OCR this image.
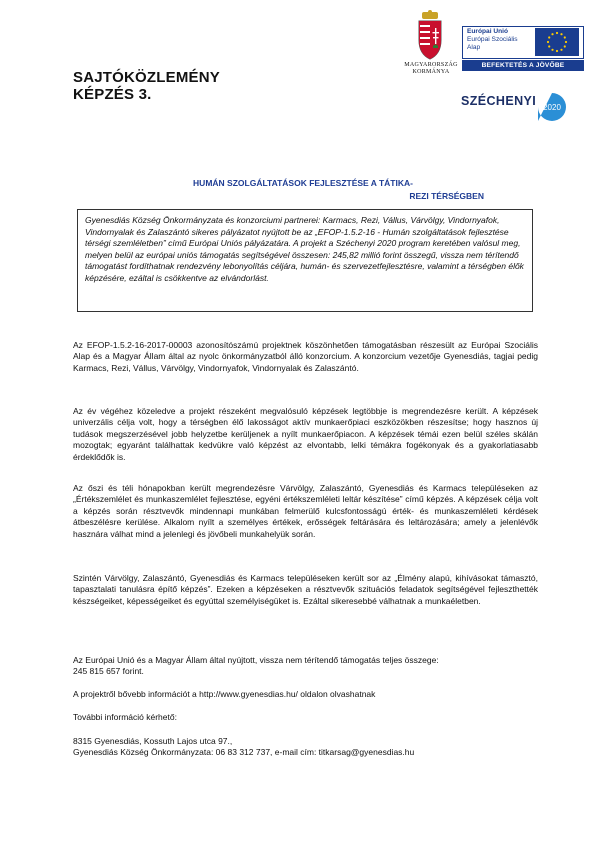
SAJTÓKÖZLEMÉNY
KÉPZÉS 3.
MAGYARORSZÁG
KORMÁNYA
Európai Unió
Európai Szociális
Alap
BEFEKTETÉS A JÖVŐBE
SZÉCHENYI 2020
HUMÁN SZOLGÁLTATÁSOK FEJLESZTÉSE A TÁTIKA-
REZI TÉRSÉGBEN
Gyenesdiás Község Önkormányzata és konzorciumi partnerei: Karmacs, Rezi, Vállus, Várvölgy, Vindornyafok, Vindornyalak és Zalaszántó sikeres pályázatot nyújtott be az „EFOP-1.5.2-16 - Humán szolgáltatások fejlesztése térségi szemléletben” című Európai Uniós pályázatára. A projekt a Széchenyi 2020 program keretében valósul meg, melyen belül az európai uniós támogatás segítségével összesen: 245,82 millió forint összegű, vissza nem térítendő támogatást fordíthatnak rendezvény lebonyolítás céljára, humán- és szervezetfejlesztésre, valamint a térségben élők képzésére, ezáltal is csökkentve az elvándorlást.

Az EFOP-1.5.2-16-2017-00003 azonosítószámú projektnek köszönhetően támogatásban részesült az Európai Szociális Alap és a Magyar Állam által az nyolc önkormányzatból álló konzorcium. A konzorcium vezetője Gyenesdiás, tagjai pedig Karmacs, Rezi, Vállus, Várvölgy, Vindornyafok, Vindornyalak és Zalaszántó.

Az év végéhez közeledve a projekt részeként megvalósuló képzések legtöbbje is megrendezésre került. A képzések univerzális célja volt, hogy a térségben élő lakosságot aktív munkaerőpiaci eszközökben részesítse; hogy hasznos új tudások megszerzésével jobb helyzetbe kerüljenek a nyílt munkaerőpiacon. A képzések témái ezen belül széles skálán mozogtak; egyaránt találhattak kedvükre való képzést az elvontabb, lelki témákra fogékonyak és a gyakorlatiasabb érdeklődők is.

Az őszi és téli hónapokban került megrendezésre Várvölgy, Zalaszántó, Gyenesdiás és Karmacs településeken az „Értékszemlélet és munkaszemlélet fejlesztése, egyéni értékszemléleti leltár készítése” című képzés. A képzések célja volt a képzés során résztvevők mindennapi munkában felmerülő kulcsfontosságú érték- és munkaszemléleti kérdések átbeszélésre kerülése. Alkalom nyílt a személyes értékek, erősségek feltárására és leltározására; amely a jelenlévők hasznára válhat mind a jelenlegi és jövőbeli munkahelyük során.

Szintén Várvölgy, Zalaszántó, Gyenesdiás és Karmacs településeken került sor az „Élmény alapú, kihívásokat támasztó, tapasztalati tanulásra építő képzés”. Ezeken a képzéseken a résztvevők szituációs feladatok segítségével fejleszthették készségeiket, képességeiket és egyúttal személyiségüket is. Ezáltal sikeresebbé válhatnak a munkaéletben.

Az Európai Unió és a Magyar Állam által nyújtott, vissza nem térítendő támogatás teljes összege:
245 815 657 forint.

A projektről bővebb információt a http://www.gyenesdias.hu/ oldalon olvashatnak

További információ kérhető:

8315 Gyenesdiás, Kossuth Lajos utca 97.,
Gyenesdiás Község Önkormányzata: 06 83 312 737, e-mail cím: titkarsag@gyenesdias.hu
